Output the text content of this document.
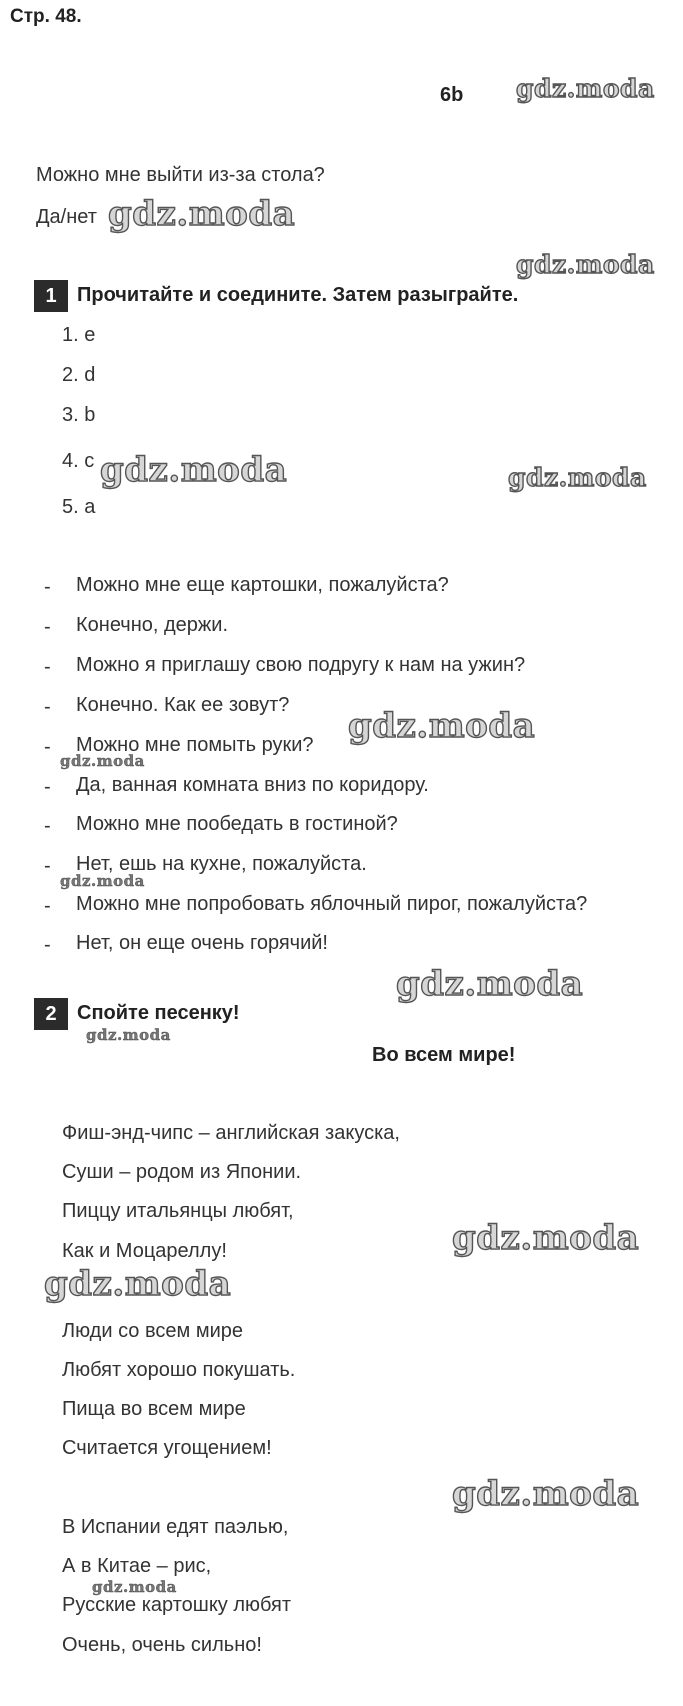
Стр. 48.
6b
Можно мне выйти из-за стола?
Да/нет
1	Прочитайте и соедините. Затем разыграйте.
1. e
2. d
3. b
4. c
5. a
- Можно мне еще картошки, пожалуйста?
- Конечно, держи.
- Можно я приглашу свою подругу к нам на ужин?
- Конечно. Как ее зовут?
- Можно мне помыть руки?
- Да, ванная комната вниз по коридору.
- Можно мне пообедать в гостиной?
- Нет, ешь на кухне, пожалуйста.
- Можно мне попробовать яблочный пирог, пожалуйста?
- Нет, он еще очень горячий!
2	Спойте песенку!
Во всем мире!
Фиш-энд-чипс – английская закуска,
Суши – родом из Японии.
Пиццу итальянцы любят,
Как и Моцареллу!
Люди со всем мире
Любят хорошо покушать.
Пища во всем мире
Считается угощением!
В Испании едят паэлью,
А в Китае – рис,
Русские картошку любят
Очень, очень сильно!
gdz.moda
gdz.moda
gdz.moda
gdz.moda	gdz.moda
gdz.moda
gdz.moda
gdz.moda
gdz.moda
gdz.moda
gdz.moda
gdz.moda
gdz.moda
gdz.moda
